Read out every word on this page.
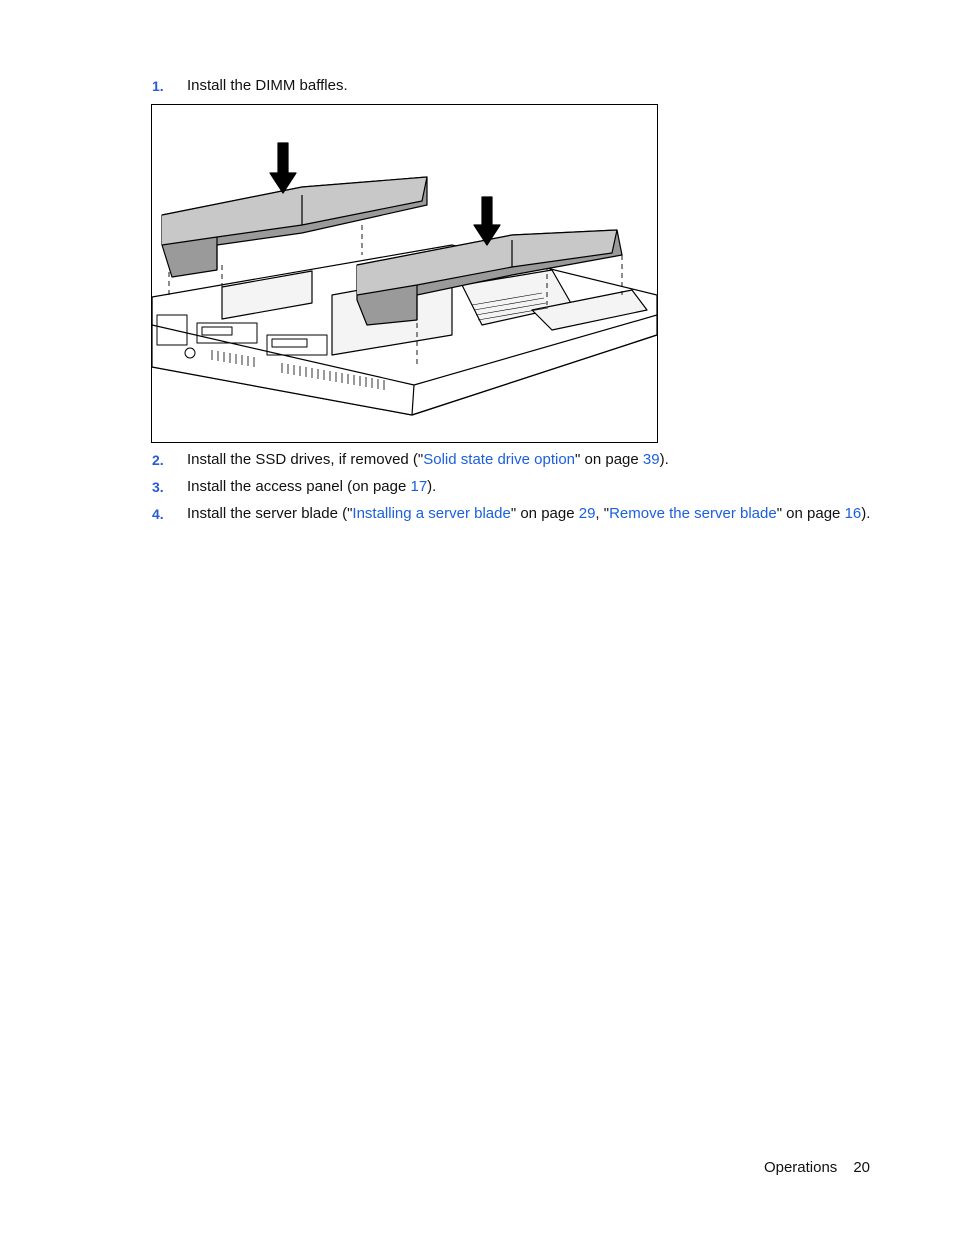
1. Install the DIMM baffles.
2. Install the SSD drives, if removed ("Solid state drive option" on page 39).
3. Install the access panel (on page 17).
4. Install the server blade ("Installing a server blade" on page 29, "Remove the server blade" on page 16).
Operations 20
